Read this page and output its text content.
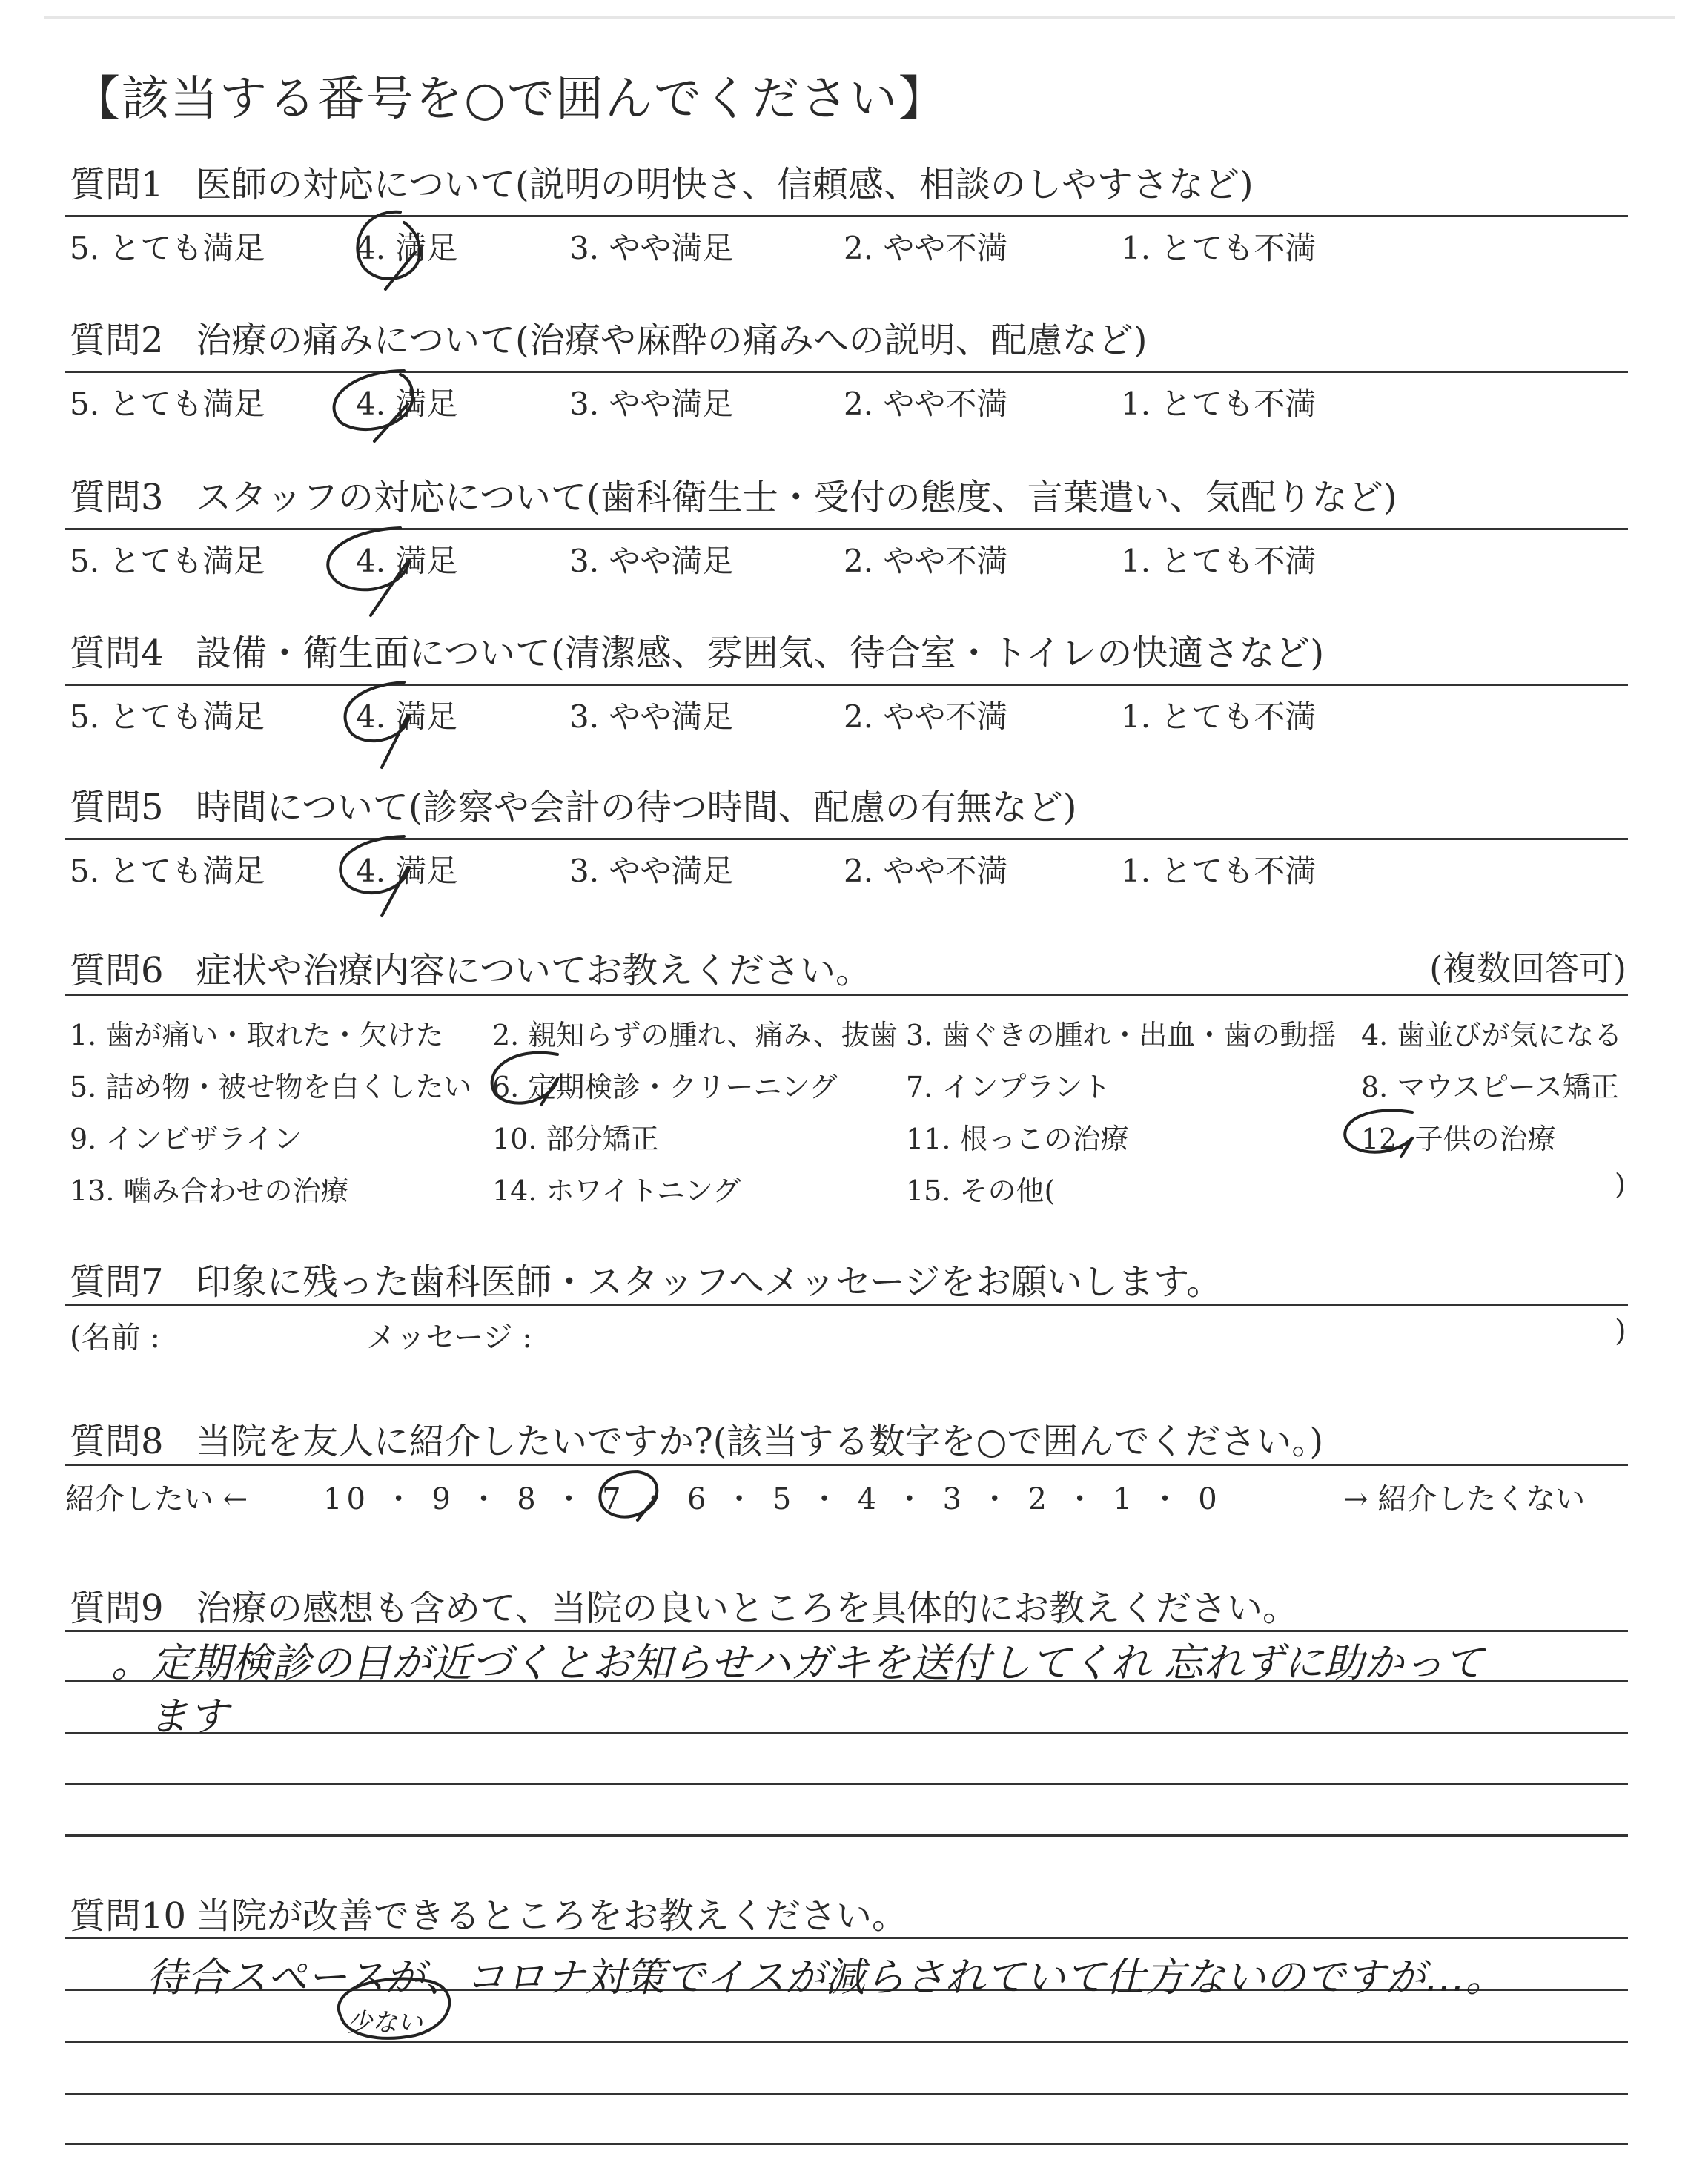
【該当する番号を○で囲んでください】
質問1 医師の対応について(説明の明快さ、信頼感、相談のしやすさなど)
5. とても満足	4. 満足	3. やや満足	2. やや不満	1. とても不満
質問2 治療の痛みについて(治療や麻酔の痛みへの説明、配慮など)
5. とても満足	4. 満足	3. やや満足	2. やや不満	1. とても不満
質問3 スタッフの対応について(歯科衛生士・受付の態度、言葉遣い、気配りなど)
5. とても満足	4. 満足	3. やや満足	2. やや不満	1. とても不満
質問4 設備・衛生面について(清潔感、雰囲気、待合室・トイレの快適さなど)
5. とても満足	4. 満足	3. やや満足	2. やや不満	1. とても不満
質問5 時間について(診察や会計の待つ時間、配慮の有無など)
5. とても満足	4. 満足	3. やや満足	2. やや不満	1. とても不満
質問6 症状や治療内容についてお教えください。	(複数回答可)
1. 歯が痛い・取れた・欠けた 2. 親知らずの腫れ、痛み、抜歯 3. 歯ぐきの腫れ・出血・歯の動揺 4. 歯並びが気になる
5. 詰め物・被せ物を白くしたい 6. 定期検診・クリーニング 7. インプラント	8. マウスピース矯正
9. インビザライン	10. 部分矯正	11. 根っこの治療	12. 子供の治療
13. 噛み合わせの治療	14. ホワイトニング	15. その他(	)
質問7 印象に残った歯科医師・スタッフへメッセージをお願いします。
(名前 :	メッセージ :	)
質問8 当院を友人に紹介したいですか?(該当する数字を○で囲んでください。)
紹介したい ←	10 ・ 9 ・ 8 ・ 7 ・ 6 ・ 5 ・ 4 ・ 3 ・ 2 ・ 1 ・ 0	→ 紹介したくない
質問9 治療の感想も含めて、当院の良いところを具体的にお教えください。
。定期検診の日が近づくとお知らせハガキを送付してくれ 忘れずに助かって
ます
質問10 当院が改善できるところをお教えください。
待合スペースが、コロナ対策でイスが減らされていて仕方ないのですが…。
少ない
